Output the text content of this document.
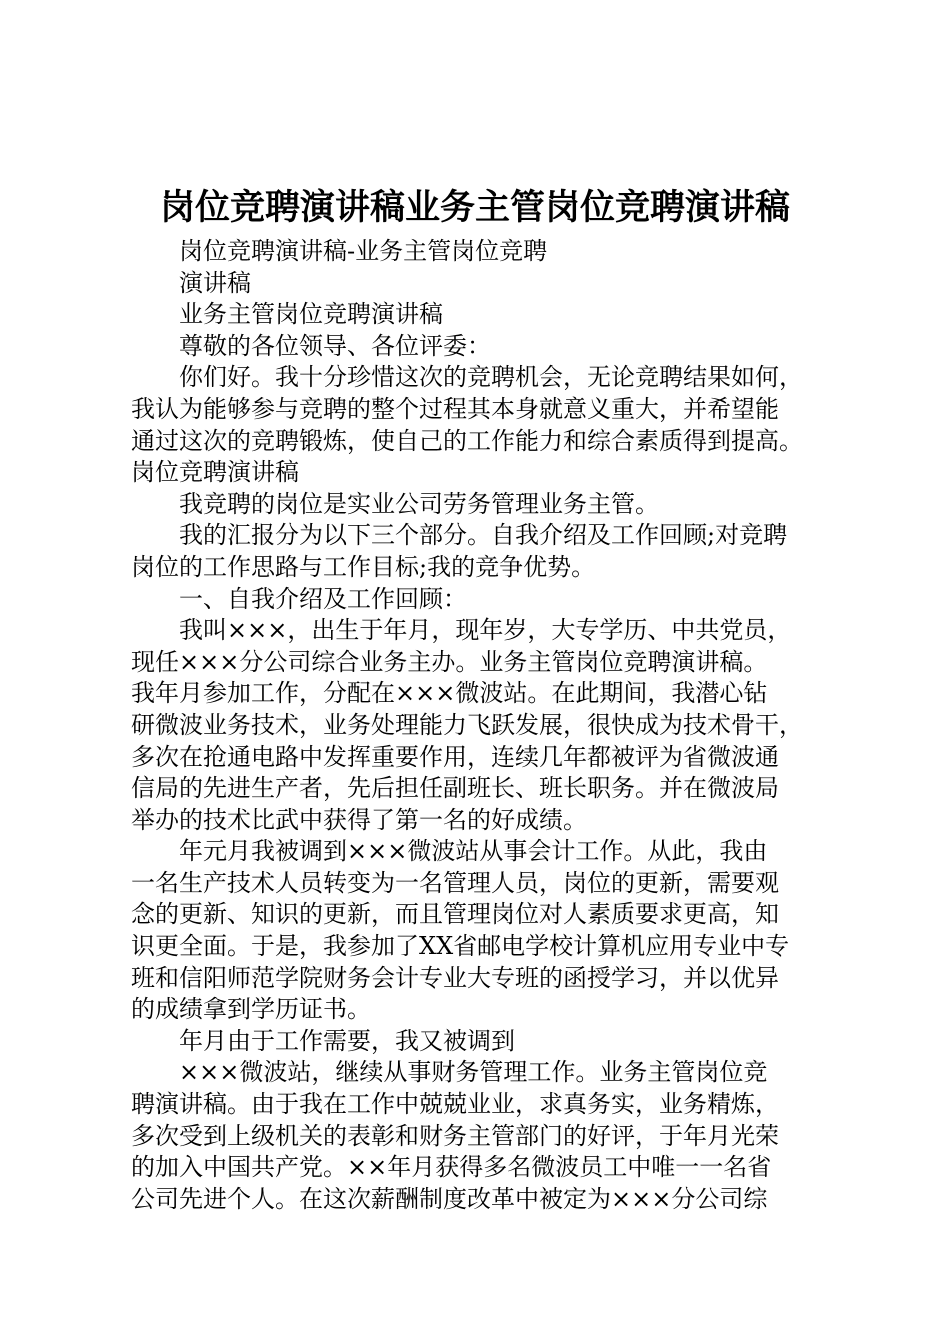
岗位竞聘演讲稿业务主管岗位竞聘演讲稿
岗位竞聘演讲稿-业务主管岗位竞聘
演讲稿
业务主管岗位竞聘演讲稿
尊敬的各位领导、各位评委：
你们好。我十分珍惜这次的竞聘机会，无论竞聘结果如何，
我认为能够参与竞聘的整个过程其本身就意义重大，并希望能
通过这次的竞聘锻炼，使自己的工作能力和综合素质得到提高。
岗位竞聘演讲稿
我竞聘的岗位是实业公司劳务管理业务主管。
我的汇报分为以下三个部分。自我介绍及工作回顾;对竞聘
岗位的工作思路与工作目标;我的竞争优势。
一、自我介绍及工作回顾：
我叫×××，出生于年月，现年岁，大专学历、中共党员，
现任×××分公司综合业务主办。业务主管岗位竞聘演讲稿。
我年月参加工作，分配在×××微波站。在此期间，我潜心钻
研微波业务技术，业务处理能力飞跃发展，很快成为技术骨干，
多次在抢通电路中发挥重要作用，连续几年都被评为省微波通
信局的先进生产者，先后担任副班长、班长职务。并在微波局
举办的技术比武中获得了第一名的好成绩。
年元月我被调到×××微波站从事会计工作。从此，我由
一名生产技术人员转变为一名管理人员，岗位的更新，需要观
念的更新、知识的更新，而且管理岗位对人素质要求更高，知
识更全面。于是，我参加了XX省邮电学校计算机应用专业中专
班和信阳师范学院财务会计专业大专班的函授学习，并以优异
的成绩拿到学历证书。
年月由于工作需要，我又被调到
×××微波站，继续从事财务管理工作。业务主管岗位竞
聘演讲稿。由于我在工作中兢兢业业，求真务实，业务精炼，
多次受到上级机关的表彰和财务主管部门的好评，于年月光荣
的加入中国共产党。××年月获得多名微波员工中唯一一名省
公司先进个人。在这次薪酬制度改革中被定为×××分公司综
